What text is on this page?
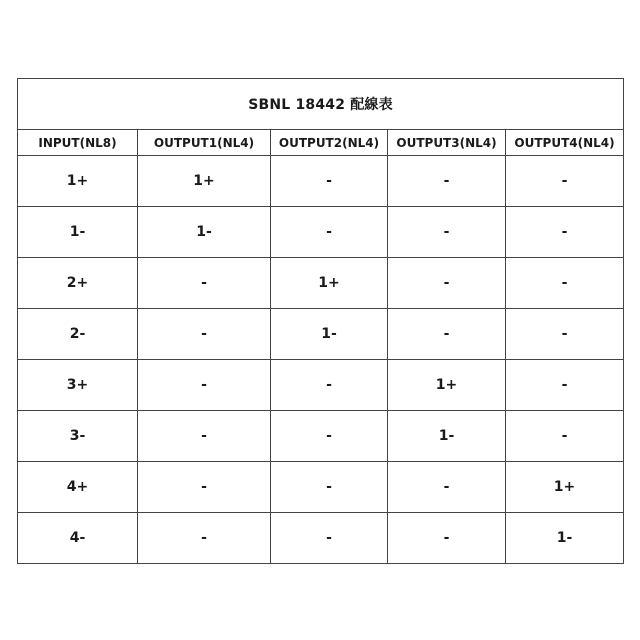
SBNL 18442 配線表				
INPUT(NL8)	OUTPUT1(NL4)	OUTPUT2(NL4)	OUTPUT3(NL4)	OUTPUT4(NL4)
1+	1+	-	-	-
1-	1-	-	-	-
2+	-	1+	-	-
2-	-	1-	-	-
3+	-	-	1+	-
3-	-	-	1-	-
4+	-	-	-	1+
4-	-	-	-	1-
